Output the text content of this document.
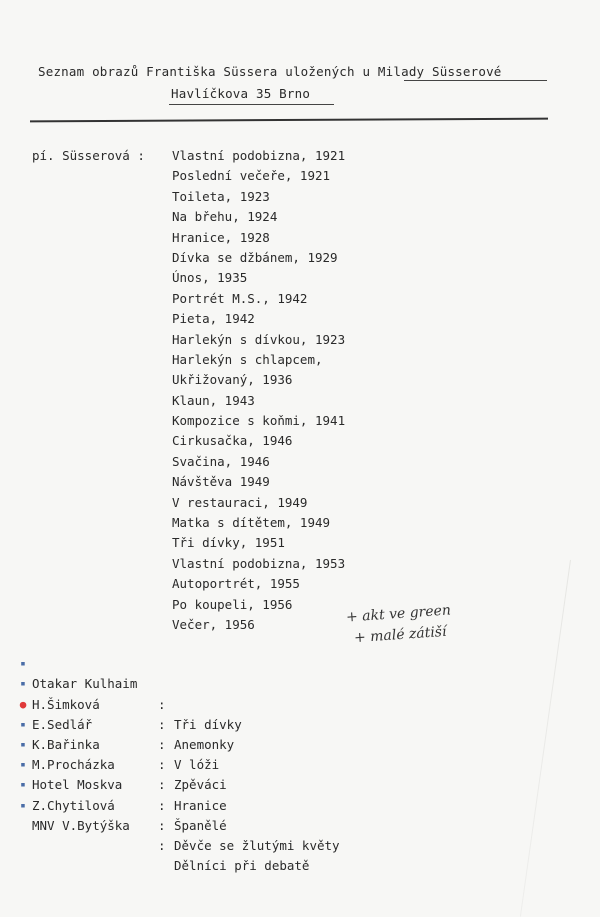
Seznam obrazů Františka Süssera uložených u Milady Süsserové
Havlíčkova 35 Brno
pí. Süsserová : Vlastní podobizna, 1921
Poslední večeře, 1921
Toileta, 1923
Na břehu, 1924
Hranice, 1928
Dívka se džbánem, 1929
Únos, 1935
Portrét M.S., 1942
Pieta, 1942
Harlekýn s dívkou, 1923
Harlekýn s chlapcem,
Ukřižovaný, 1936
Klaun, 1943
Kompozice s koňmi, 1941
Cirkusačka, 1946
Svačina, 1946
Návštěva 1949
V restauraci, 1949
Matka s dítětem, 1949
Tři dívky, 1951
Vlastní podobizna, 1953
Autoportrét, 1955
Po koupeli, 1956
Večer, 1956	+ akt ve green
+ malé zátiší

▪

Otakar Kulhaim

:

Tři dívky

▪

H.Šimková

:

Anemonky

●

E.Sedlář

:

V lóži

▪

K.Bařinka

:

Zpěváci

▪

M.Procházka

:

Hranice

▪

Hotel Moskva

:

Španělé

▪

Z.Chytilová

:

Děvče se žlutými květy

▪

MNV V.Bytýška

:

Dělníci při debatě
